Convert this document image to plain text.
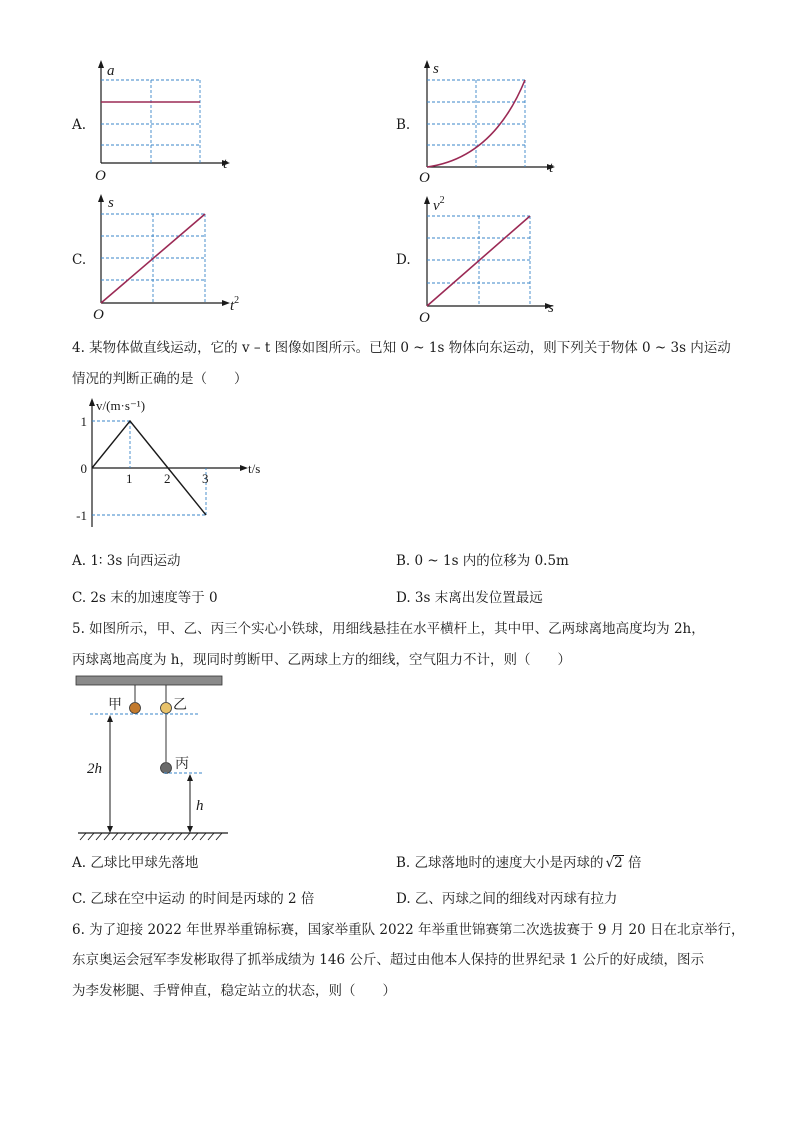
A.
a
t
O
B.
s
t
O
C.
s
$t^2$
O
D.
$v^2$
s
O
4. 某物体做直线运动，它的 v – t 图像如图所示。已知 0 ~ 1s 物体向东运动，则下列关于物体 0 ~ 3s 内运动
情况的判断正确的是（　　）
1 2 3
1
0
-1
v/(m·s⁻¹)
t/s
A. 1∶ 3s 向西运动	B. 0 ~ 1s 内的位移为 0.5m
C. 2s 末的加速度等于 0	D. 3s 末离出发位置最远
5. 如图所示，甲、乙、丙三个实心小铁球，用细线悬挂在水平横杆上，其中甲、乙两球离地高度均为 2h，
丙球离地高度为 h，现同时剪断甲、乙两球上方的细线，空气阻力不计，则（　　）
甲	乙
丙
2h
h
A. 乙球比甲球先落地	B. 乙球落地时的速度大小是丙球的 √2 倍
C. 乙球在空中运动 的时间是丙球的 2 倍	D. 乙、丙球之间的细线对丙球有拉力
6. 为了迎接 2022 年世界举重锦标赛，国家举重队 2022 年举重世锦赛第二次选拔赛于 9 月 20 日在北京举行，
东京奥运会冠军李发彬取得了抓举成绩为 146 公斤、超过由他本人保持的世界纪录 1 公斤的好成绩，图示
为李发彬腿、手臂伸直，稳定站立的状态，则（　　）
